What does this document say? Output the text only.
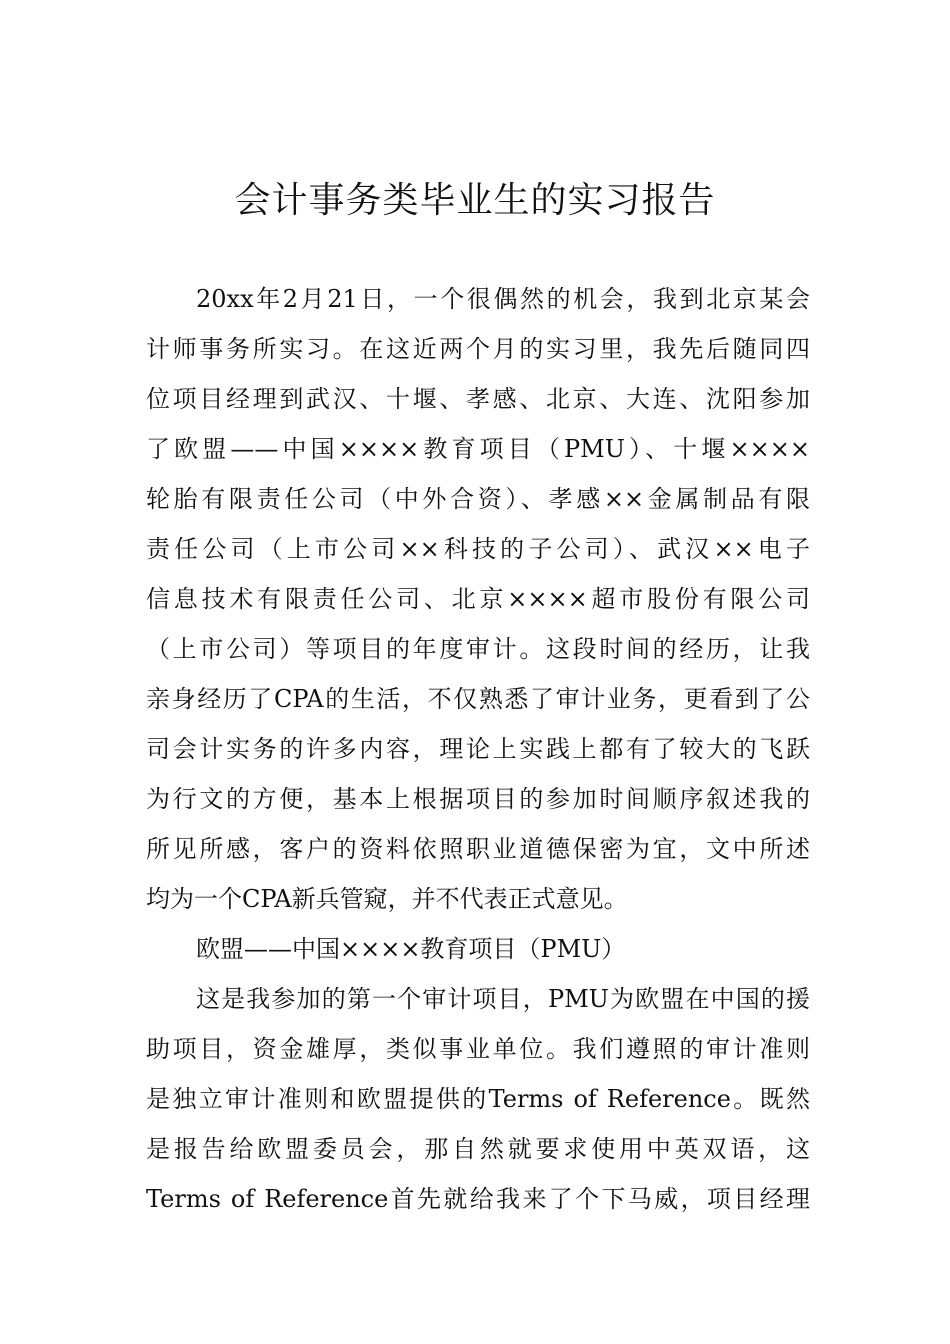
会计事务类毕业生的实习报告
20xx年2月21日，一个很偶然的机会，我到北京某会
计师事务所实习。在这近两个月的实习里，我先后随同四
位项目经理到武汉、十堰、孝感、北京、大连、沈阳参加
了欧盟——中国××××教育项目（PMU）、十堰××××
轮胎有限责任公司（中外合资）、孝感××金属制品有限
责任公司（上市公司××科技的子公司）、武汉××电子
信息技术有限责任公司、北京××××超市股份有限公司
（上市公司）等项目的年度审计。这段时间的经历，让我
亲身经历了CPA的生活，不仅熟悉了审计业务，更看到了公
司会计实务的许多内容，理论上实践上都有了较大的飞跃
为行文的方便，基本上根据项目的参加时间顺序叙述我的
所见所感，客户的资料依照职业道德保密为宜，文中所述
均为一个CPA新兵管窥，并不代表正式意见。
欧盟——中国××××教育项目（PMU）
这是我参加的第一个审计项目，PMU为欧盟在中国的援
助项目，资金雄厚，类似事业单位。我们遵照的审计准则
是独立审计准则和欧盟提供的Terms of Reference。既然
是报告给欧盟委员会，那自然就要求使用中英双语，这
Terms of Reference首先就给我来了个下马威，项目经理
